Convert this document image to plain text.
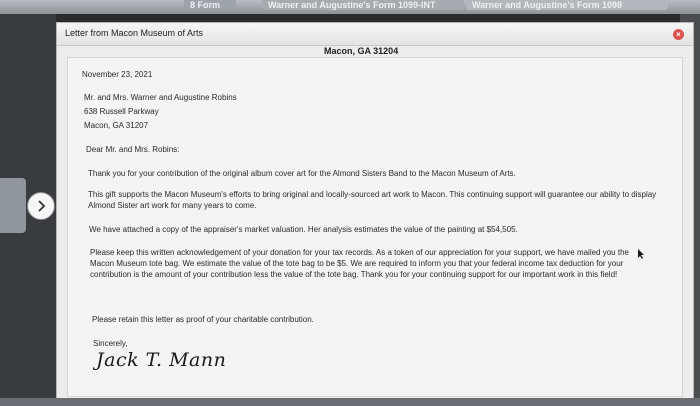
8 Form	Warner and Augustine's Form 1099-INT	Warner and Augustine's Form 1098
Letter from Macon Museum of Arts	×
Macon, GA 31204
November 23, 2021
Mr. and Mrs. Warner and Augustine Robins
638 Russell Parkway
Macon, GA 31207
Dear Mr. and Mrs. Robins:
Thank you for your contribution of the original album cover art for the Almond Sisters Band to the Macon Museum of Arts.
This gift supports the Macon Museum's efforts to bring original and locally-sourced art work to Macon. This continuing support will guarantee our ability to display Almond Sister art work for many years to come.
We have attached a copy of the appraiser's market valuation. Her analysis estimates the value of the painting at $54,505.
Please keep this written acknowledgement of your donation for your tax records. As a token of our appreciation for your support, we have mailed you the Macon Museum tote bag. We estimate the value of the tote bag to be $5. We are required to inform you that your federal income tax deduction for your contribution is the amount of your contribution less the value of the tote bag. Thank you for your continuing support for our important work in this field!
Please retain this letter as proof of your charitable contribution.
Sincerely,
Jack T. Mann
